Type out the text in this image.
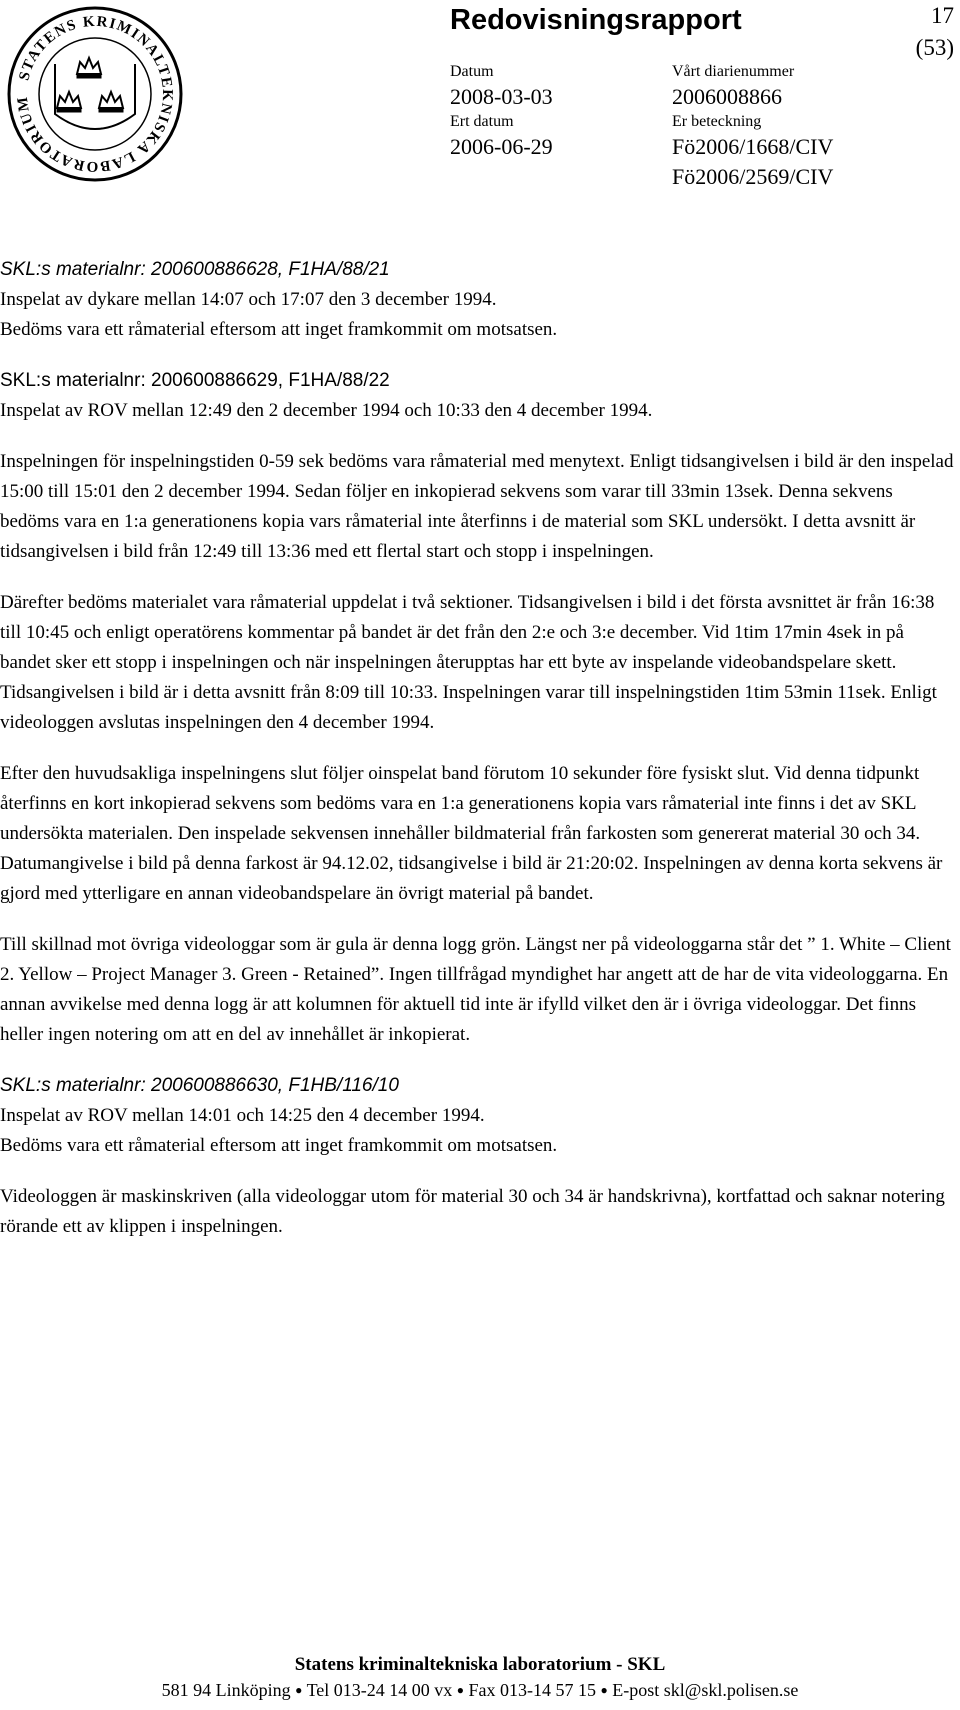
STATENS KRIMINALTEKNISKA LABORATORIUM
Redovisningsrapport	17
(53)
Datum
2008-03-03
Ert datum
2006-06-29
Vårt diarienummer
2006008866
Er beteckning
Fö2006/1668/CIV
Fö2006/2569/CIV

SKL:s materialnr: 200600886628, F1HA/88/21
Inspelat av dykare mellan 14:07 och 17:07 den 3 december 1994.
Bedöms vara ett råmaterial eftersom att inget framkommit om motsatsen.

SKL:s materialnr: 200600886629, F1HA/88/22
Inspelat av ROV mellan 12:49 den 2 december 1994 och 10:33 den 4 december 1994.

Inspelningen för inspelningstiden 0-59 sek bedöms vara råmaterial med menytext. Enligt tidsangivelsen i bild är den inspelad 15:00 till 15:01 den 2 december 1994. Sedan följer en inkopierad sekvens som varar till 33min 13sek. Denna sekvens bedöms vara en 1:a generationens kopia vars råmaterial inte återfinns i de material som SKL undersökt. I detta avsnitt är tidsangivelsen i bild från 12:49 till 13:36 med ett flertal start och stopp i inspelningen.

Därefter bedöms materialet vara råmaterial uppdelat i två sektioner. Tidsangivelsen i bild i det första avsnittet är från 16:38 till 10:45 och enligt operatörens kommentar på bandet är det från den 2:e och 3:e december. Vid 1tim 17min 4sek in på bandet sker ett stopp i inspelningen och när inspelningen återupptas har ett byte av inspelande videobandspelare skett. Tidsangivelsen i bild är i detta avsnitt från 8:09 till 10:33. Inspelningen varar till inspelningstiden 1tim 53min 11sek. Enligt videologgen avslutas inspelningen den 4 december 1994.

Efter den huvudsakliga inspelningens slut följer oinspelat band förutom 10 sekunder före fysiskt slut. Vid denna tidpunkt återfinns en kort inkopierad sekvens som bedöms vara en 1:a generationens kopia vars råmaterial inte finns i det av SKL undersökta materialen. Den inspelade sekvensen innehåller bildmaterial från farkosten som genererat material 30 och 34. Datumangivelse i bild på denna farkost är 94.12.02, tidsangivelse i bild är 21:20:02. Inspelningen av denna korta sekvens är gjord med ytterligare en annan videobandspelare än övrigt material på bandet.

Till skillnad mot övriga videologgar som är gula är denna logg grön. Längst ner på videologgarna står det ” 1. White – Client 2. Yellow – Project Manager 3. Green - Retained”. Ingen tillfrågad myndighet har angett att de har de vita videologgarna. En annan avvikelse med denna logg är att kolumnen för aktuell tid inte är ifylld vilket den är i övriga videologgar. Det finns heller ingen notering om att en del av innehållet är inkopierat.

SKL:s materialnr: 200600886630, F1HB/116/10
Inspelat av ROV mellan 14:01 och 14:25 den 4 december 1994.
Bedöms vara ett råmaterial eftersom att inget framkommit om motsatsen.

Videologgen är maskinskriven (alla videologgar utom för material 30 och 34 är handskrivna), kortfattad och saknar notering rörande ett av klippen i inspelningen.

Statens kriminaltekniska laboratorium - SKL
581 94 Linköping ● Tel 013-24 14 00 vx ● Fax 013-14 57 15 ● E-post skl@skl.polisen.se
